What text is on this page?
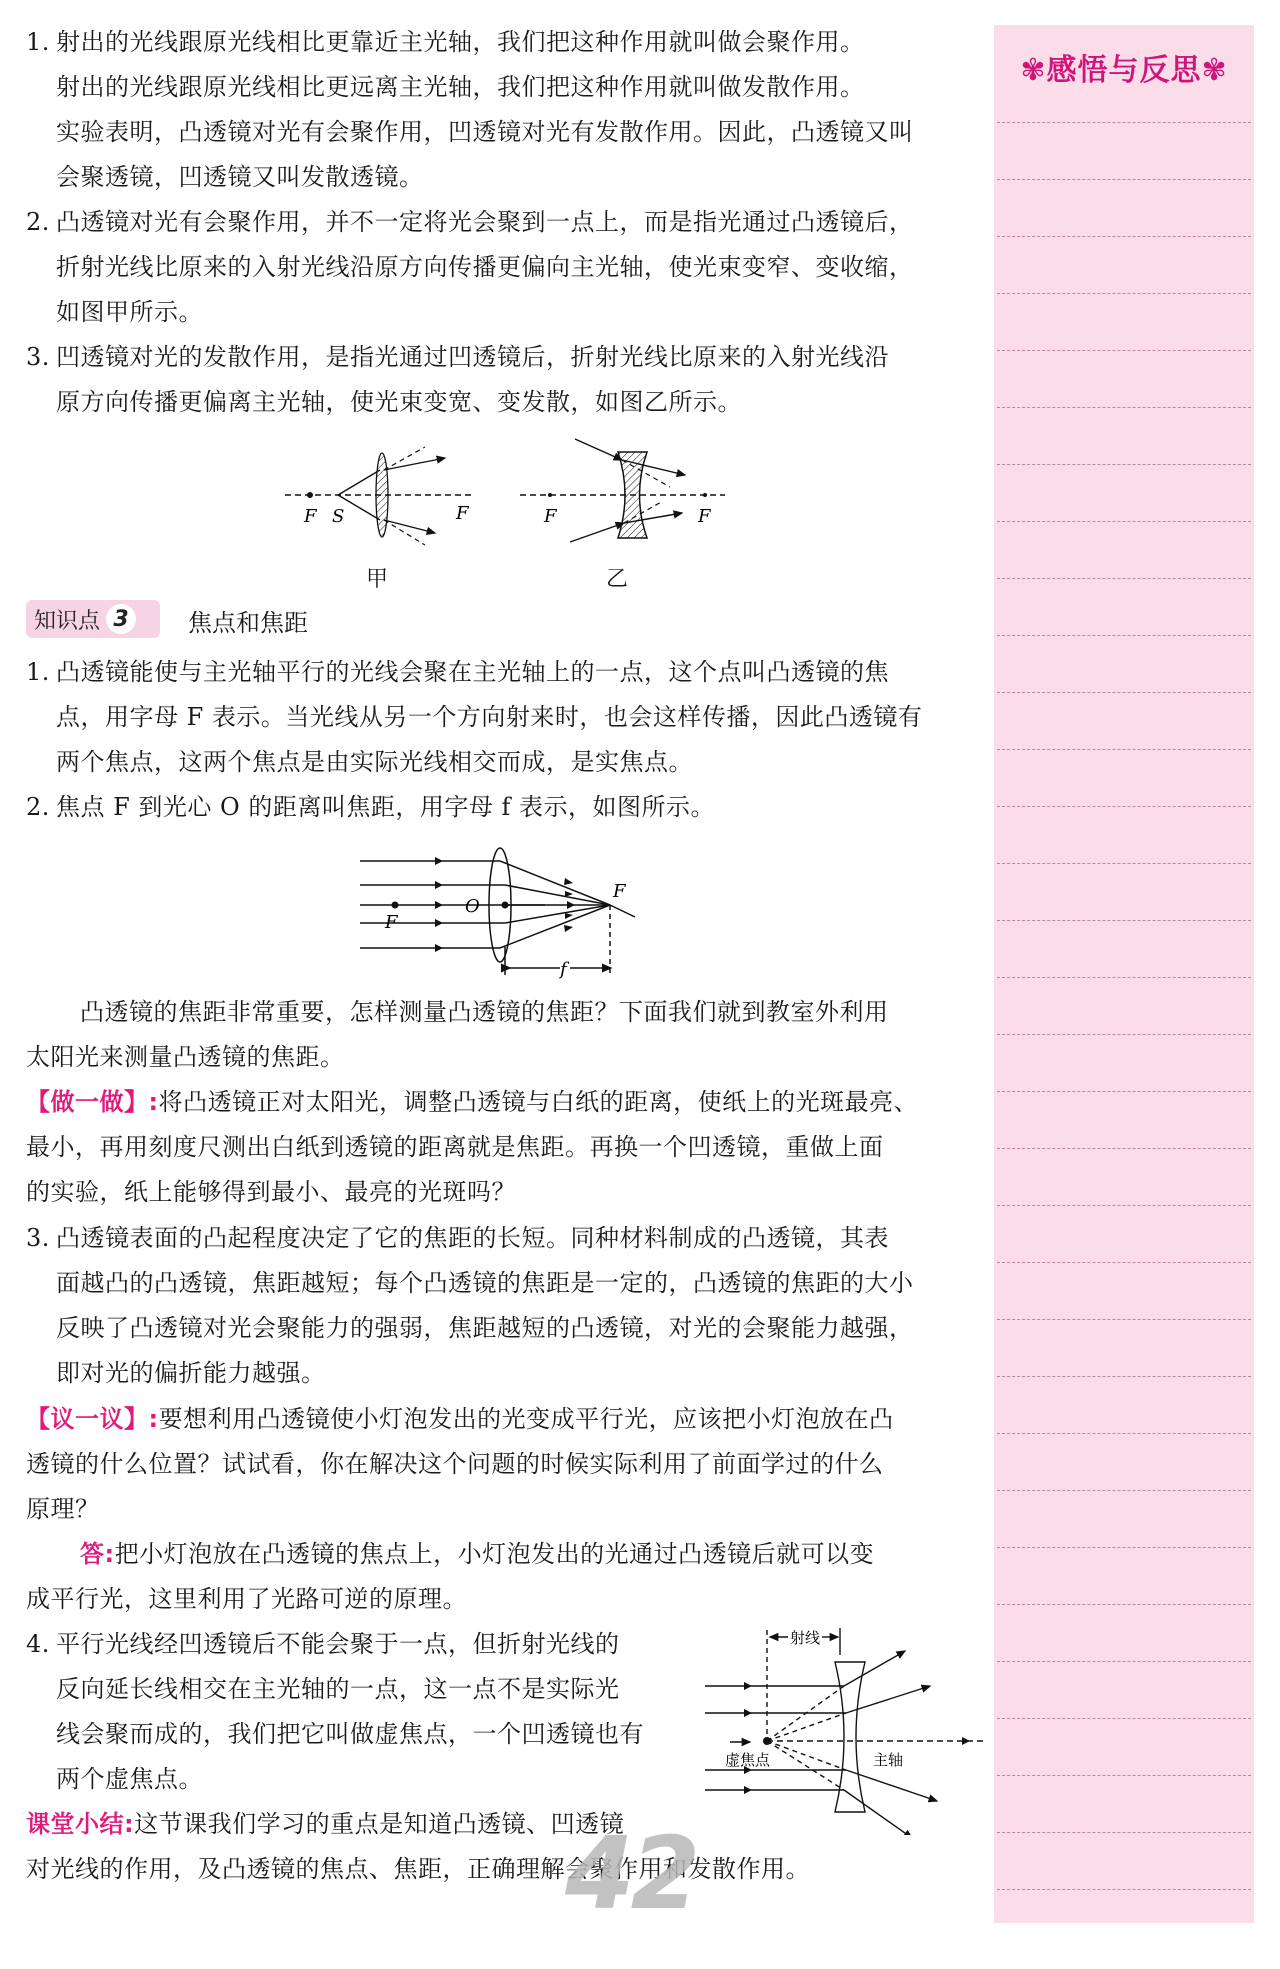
1. 射出的光线跟原光线相比更靠近主光轴，我们把这种作用就叫做会聚作用。
射出的光线跟原光线相比更远离主光轴，我们把这种作用就叫做发散作用。
实验表明，凸透镜对光有会聚作用，凹透镜对光有发散作用。因此，凸透镜又叫
会聚透镜，凹透镜又叫发散透镜。
2. 凸透镜对光有会聚作用，并不一定将光会聚到一点上，而是指光通过凸透镜后，
折射光线比原来的入射光线沿原方向传播更偏向主光轴，使光束变窄、变收缩，
如图甲所示。
3. 凹透镜对光的发散作用，是指光通过凹透镜后，折射光线比原来的入射光线沿
原方向传播更偏离主光轴，使光束变宽、变发散，如图乙所示。
F S	F	F	F
甲	乙
知识点 3	焦点和焦距
1. 凸透镜能使与主光轴平行的光线会聚在主光轴上的一点，这个点叫凸透镜的焦
点，用字母 F 表示。当光线从另一个方向射来时，也会这样传播，因此凸透镜有
两个焦点，这两个焦点是由实际光线相交而成，是实焦点。
2. 焦点 F 到光心 O 的距离叫焦距，用字母 f 表示，如图所示。
F
O
F
f
凸透镜的焦距非常重要，怎样测量凸透镜的焦距？下面我们就到教室外利用
太阳光来测量凸透镜的焦距。
【做一做】:将凸透镜正对太阳光，调整凸透镜与白纸的距离，使纸上的光斑最亮、
最小，再用刻度尺测出白纸到透镜的距离就是焦距。再换一个凹透镜，重做上面
的实验，纸上能够得到最小、最亮的光斑吗？
3. 凸透镜表面的凸起程度决定了它的焦距的长短。同种材料制成的凸透镜，其表
面越凸的凸透镜，焦距越短；每个凸透镜的焦距是一定的，凸透镜的焦距的大小
反映了凸透镜对光会聚能力的强弱，焦距越短的凸透镜，对光的会聚能力越强，
即对光的偏折能力越强。
【议一议】:要想利用凸透镜使小灯泡发出的光变成平行光，应该把小灯泡放在凸
透镜的什么位置？试试看，你在解决这个问题的时候实际利用了前面学过的什么
原理？
答:把小灯泡放在凸透镜的焦点上，小灯泡发出的光通过凸透镜后就可以变
成平行光，这里利用了光路可逆的原理。
4. 平行光线经凹透镜后不能会聚于一点，但折射光线的
反向延长线相交在主光轴的一点，这一点不是实际光
线会聚而成的，我们把它叫做虚焦点，一个凹透镜也有
两个虚焦点。
射线
虚焦点	主轴
课堂小结:这节课我们学习的重点是知道凸透镜、凹透镜
对光线的作用，及凸透镜的焦点、焦距，正确理解会聚作用和发散作用。
42
✾感悟与反思✾
